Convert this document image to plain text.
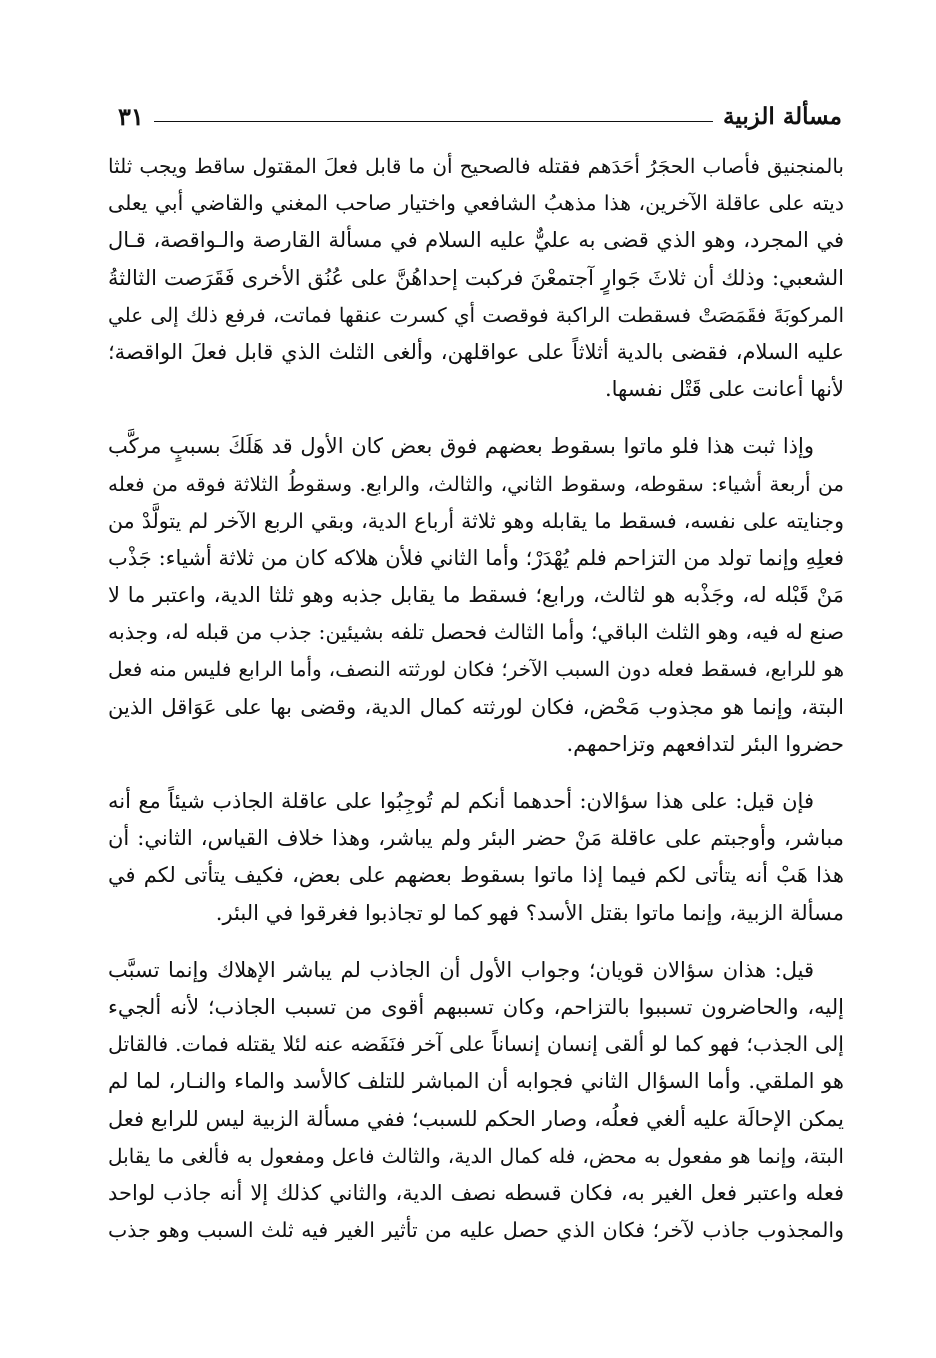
مسألة الزبية
٣١

بالمنجنيق فأصاب الحجَرُ أحَدَهم فقتله فالصحيح أن ما قابل فعلَ المقتول ساقط ويجب ثلثا
ديته على عاقلة الآخرين، هذا مذهبُ الشافعي واختيار صاحب المغني والقاضي أبي يعلى
في المجرد، وهو الذي قضى به عليٌّ عليه السلام في مسألة القارصة والـواقصة، قـال
الشعبي: وذلك أن ثلاثَ جَوارٍ آجتمعْنَ فركبت إحداهُنَّ على عُنُق الأخرى فَقَرَصت الثالثةُ
المركوبَةَ فقَمَصَتْ فسقطت الراكبة فوقصت أي كسرت عنقها فماتت، فرفع ذلك إلى علي
عليه السلام، فقضى بالدية أثلاثاً على عواقلهن، وألغى الثلث الذي قابل فعلَ الواقصة؛
لأنها أعانت على قَتْل نفسها.

وإذا ثبت هذا فلو ماتوا بسقوط بعضهم فوق بعض كان الأول قد هَلَكَ بسببٍ مركَّب
من أربعة أشياء: سقوطه، وسقوط الثاني، والثالث، والرابع. وسقوطُ الثلاثة فوقه من فعله
وجنايته على نفسه، فسقط ما يقابله وهو ثلاثة أرباع الدية، وبقي الربع الآخر لم يتولَّدْ من
فعلِهِ وإنما تولد من التزاحم فلم يُهْدَرْ؛ وأما الثاني فلأن هلاكه كان من ثلاثة أشياء: جَذْب
مَنْ قَبْله له، وجَذْبه هو لثالث، ورابع؛ فسقط ما يقابل جذبه وهو ثلثا الدية، واعتبر ما لا
صنع له فيه، وهو الثلث الباقي؛ وأما الثالث فحصل تلفه بشيئين: جذب من قبله له، وجذبه
هو للرابع، فسقط فعله دون السبب الآخر؛ فكان لورثته النصف، وأما الرابع فليس منه فعل
البتة، وإنما هو مجذوب مَحْض، فكان لورثته كمال الدية، وقضى بها على عَوَاقل الذين
حضروا البئر لتدافعهم وتزاحمهم.

فإن قيل: على هذا سؤالان: أحدهما أنكم لم تُوجِبُوا على عاقلة الجاذب شيئاً مع أنه
مباشر، وأوجبتم على عاقلة مَنْ حضر البئر ولم يباشر، وهذا خلاف القياس، الثاني: أن
هذا هَبْ أنه يتأتى لكم فيما إذا ماتوا بسقوط بعضهم على بعض، فكيف يتأتى لكم في
مسألة الزبية، وإنما ماتوا بقتل الأسد؟ فهو كما لو تجاذبوا فغرقوا في البئر.

قيل: هذان سؤالان قويان؛ وجواب الأول أن الجاذب لم يباشر الإهلاك وإنما تسبَّب
إليه، والحاضرون تسببوا بالتزاحم، وكان تسببهم أقوى من تسبب الجاذب؛ لأنه ألجيء
إلى الجذب؛ فهو كما لو ألقى إنسان إنساناً على آخر فنَفَضه عنه لئلا يقتله فمات. فالقاتل
هو الملقي. وأما السؤال الثاني فجوابه أن المباشر للتلف كالأسد والماء والنـار، لما لم
يمكن الإحالَة عليه ألغي فعلُه، وصار الحكم للسبب؛ ففي مسألة الزبية ليس للرابع فعل
البتة، وإنما هو مفعول به محض، فله كمال الدية، والثالث فاعل ومفعول به فألغى ما يقابل
فعله واعتبر فعل الغير به، فكان قسطه نصف الدية، والثاني كذلك إلا أنه جاذب لواحد
والمجذوب جاذب لآخر؛ فكان الذي حصل عليه من تأثير الغير فيه ثلث السبب وهو جذب
